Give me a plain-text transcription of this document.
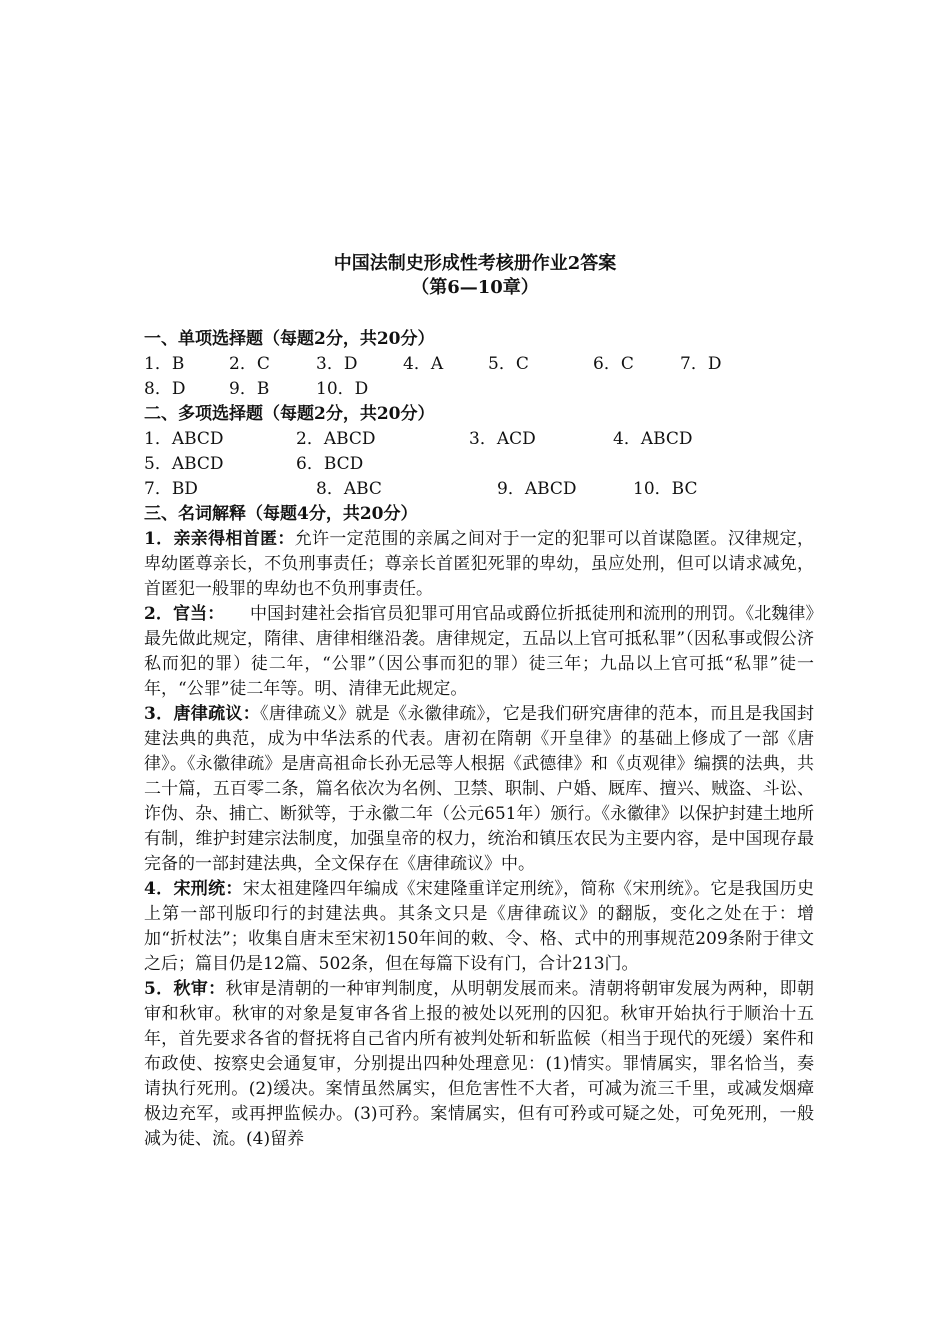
中国法制史形成性考核册作业2答案
（第6—10章）
一、单项选择题（每题2分，共20分）
1．B	2．C	3．D	4．A	5．C	6．C	7．D
8．D	9．B	10．D
二、多项选择题（每题2分，共20分）
1．ABCD	2．ABCD	3．ACD	4．ABCD
5．ABCD	6．BCD
7．BD	8．ABC	9．ABCD	10．BC
三、名词解释（每题4分，共20分）

1．亲亲得相首匿：允许一定范围的亲属之间对于一定的犯罪可以首谋隐匿。汉律规定，卑幼匿尊亲长，不负刑事责任；尊亲长首匿犯死罪的卑幼，虽应处刑，但可以请求减免，首匿犯一般罪的卑幼也不负刑事责任。

2．官当：　　中国封建社会指官员犯罪可用官品或爵位折抵徒刑和流刑的刑罚。《北魏律》最先做此规定，隋律、唐律相继沿袭。唐律规定，五品以上官可抵私罪”（因私事或假公济私而犯的罪）徒二年，“公罪”（因公事而犯的罪）徒三年；九品以上官可抵“私罪”徒一年，“公罪”徒二年等。明、清律无此规定。

3．唐律疏议：《唐律疏义》就是《永徽律疏》，它是我们研究唐律的范本，而且是我国封建法典的典范，成为中华法系的代表。唐初在隋朝《开皇律》的基础上修成了一部《唐律》。《永徽律疏》是唐高祖命长孙无忌等人根据《武德律》和《贞观律》编撰的法典，共二十篇，五百零二条，篇名依次为名例、卫禁、职制、户婚、厩库、擅兴、贼盗、斗讼、诈伪、杂、捕亡、断狱等，于永徽二年（公元651年）颁行。《永徽律》以保护封建土地所有制，维护封建宗法制度，加强皇帝的权力，统治和镇压农民为主要内容，是中国现存最完备的一部封建法典，全文保存在《唐律疏议》中。

4．宋刑统：宋太祖建隆四年编成《宋建隆重详定刑统》，简称《宋刑统》。它是我国历史上第一部刊版印行的封建法典。其条文只是《唐律疏议》的翻版，变化之处在于：增加“折杖法”；收集自唐末至宋初150年间的敕、令、格、式中的刑事规范209条附于律文之后；篇目仍是12篇、502条，但在每篇下设有门，合计213门。

5．秋审：秋审是清朝的一种审判制度，从明朝发展而来。清朝将朝审发展为两种，即朝审和秋审。秋审的对象是复审各省上报的被处以死刑的囚犯。秋审开始执行于顺治十五年，首先要求各省的督抚将自己省内所有被判处斩和斩监候（相当于现代的死缓）案件和布政使、按察史会通复审，分别提出四种处理意见：(1)情实。罪情属实，罪名恰当，奏请执行死刑。(2)缓决。案情虽然属实，但危害性不大者，可减为流三千里，或减发烟瘴极边充军，或再押监候办。(3)可矜。案情属实，但有可矜或可疑之处，可免死刑，一般减为徒、流。(4)留养
